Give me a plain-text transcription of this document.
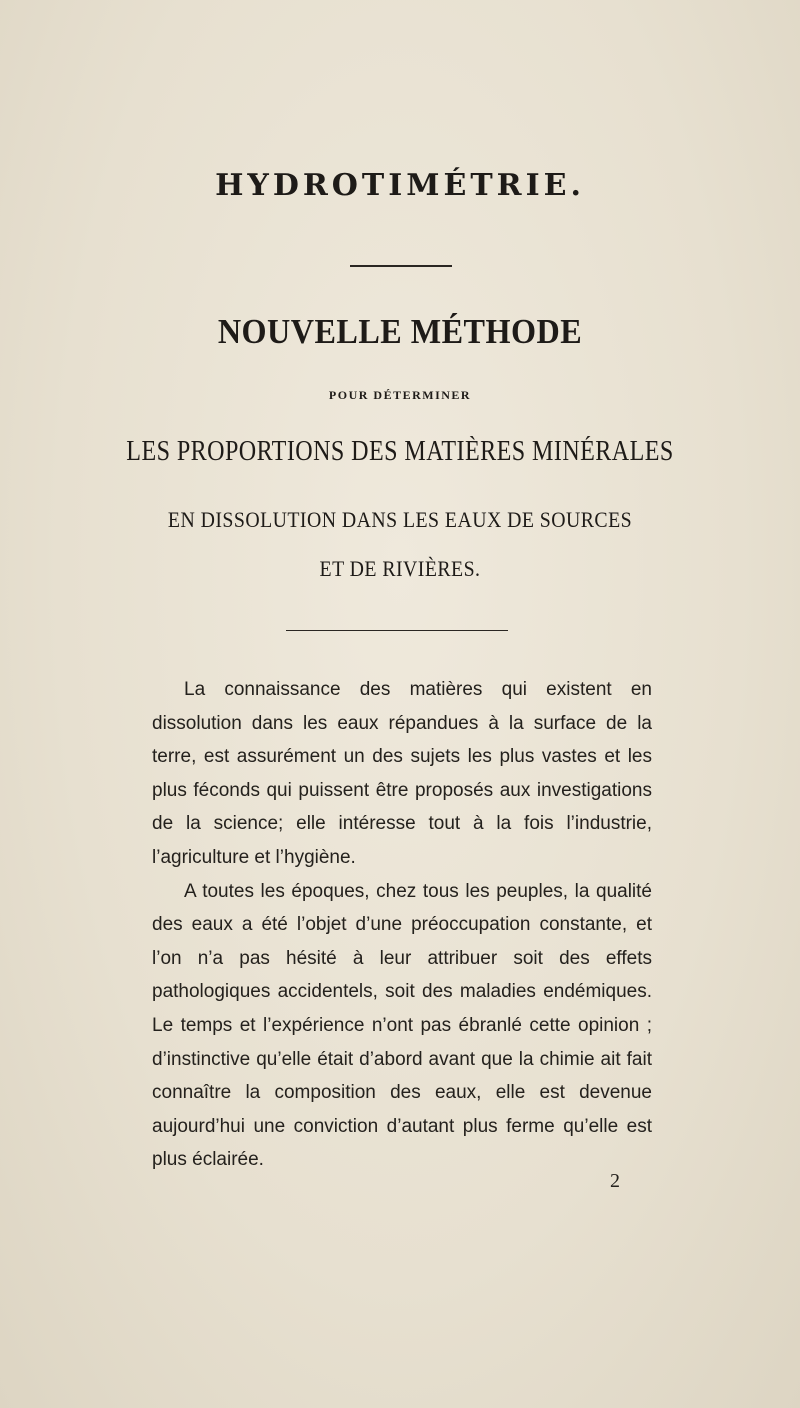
HYDROTIMÉTRIE.
NOUVELLE MÉTHODE
POUR DÉTERMINER
LES PROPORTIONS DES MATIÈRES MINÉRALES
EN DISSOLUTION DANS LES EAUX DE SOURCES
ET DE RIVIÈRES.

La connaissance des matières qui existent en dissolution dans les eaux répandues à la surface de la terre, est assurément un des sujets les plus vastes et les plus féconds qui puissent être proposés aux investigations de la science; elle intéresse tout à la fois l’industrie, l’agriculture et l’hygiène.

A toutes les époques, chez tous les peuples, la qualité des eaux a été l’objet d’une préoccupation constante, et l’on n’a pas hésité à leur attribuer soit des effets pathologiques accidentels, soit des maladies endémiques. Le temps et l’expérience n’ont pas ébranlé cette opinion ; d’instinctive qu’elle était d’abord avant que la chimie ait fait connaître la composition des eaux, elle est devenue aujourd’hui une conviction d’autant plus ferme qu’elle est plus éclairée.

2
